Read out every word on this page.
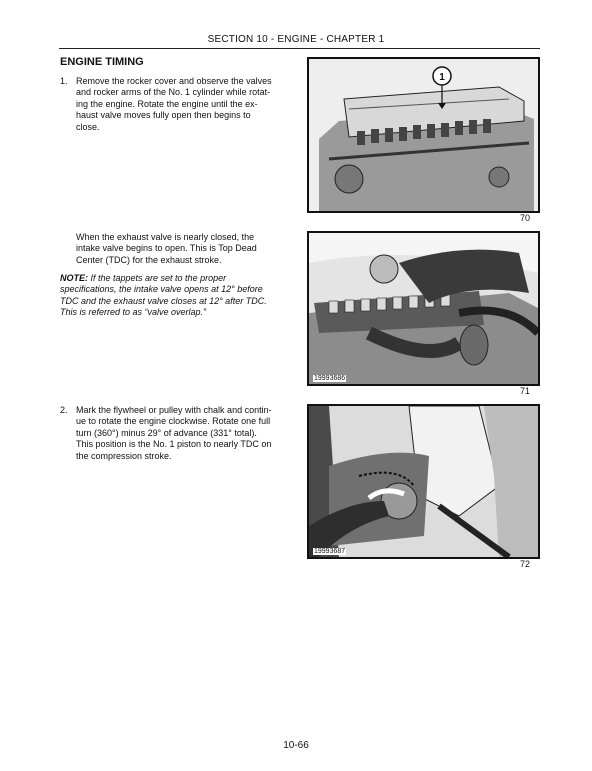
SECTION 10 - ENGINE - CHAPTER 1
ENGINE TIMING
1. Remove the rocker cover and observe the valves
and rocker arms of the No. 1 cylinder while rotat-
ing the engine. Rotate the engine until the ex-
haust valve moves fully open then begins to
close.
1
70
When the exhaust valve is nearly closed, the
intake valve begins to open. This is Top Dead
Center (TDC) for the exhaust stroke.
NOTE: If the tappets are set to the proper
specifications, the intake valve opens at 12° before
TDC and the exhaust valve closes at 12° after TDC.
This is referred to as “valve overlap.”
19993686
71
2. Mark the flywheel or pulley with chalk and contin-
ue to rotate the engine clockwise. Rotate one full
turn (360°) minus 29° of advance (331° total).
This position is the No. 1 piston to nearly TDC on
the compression stroke.
19993687
72
10-66
